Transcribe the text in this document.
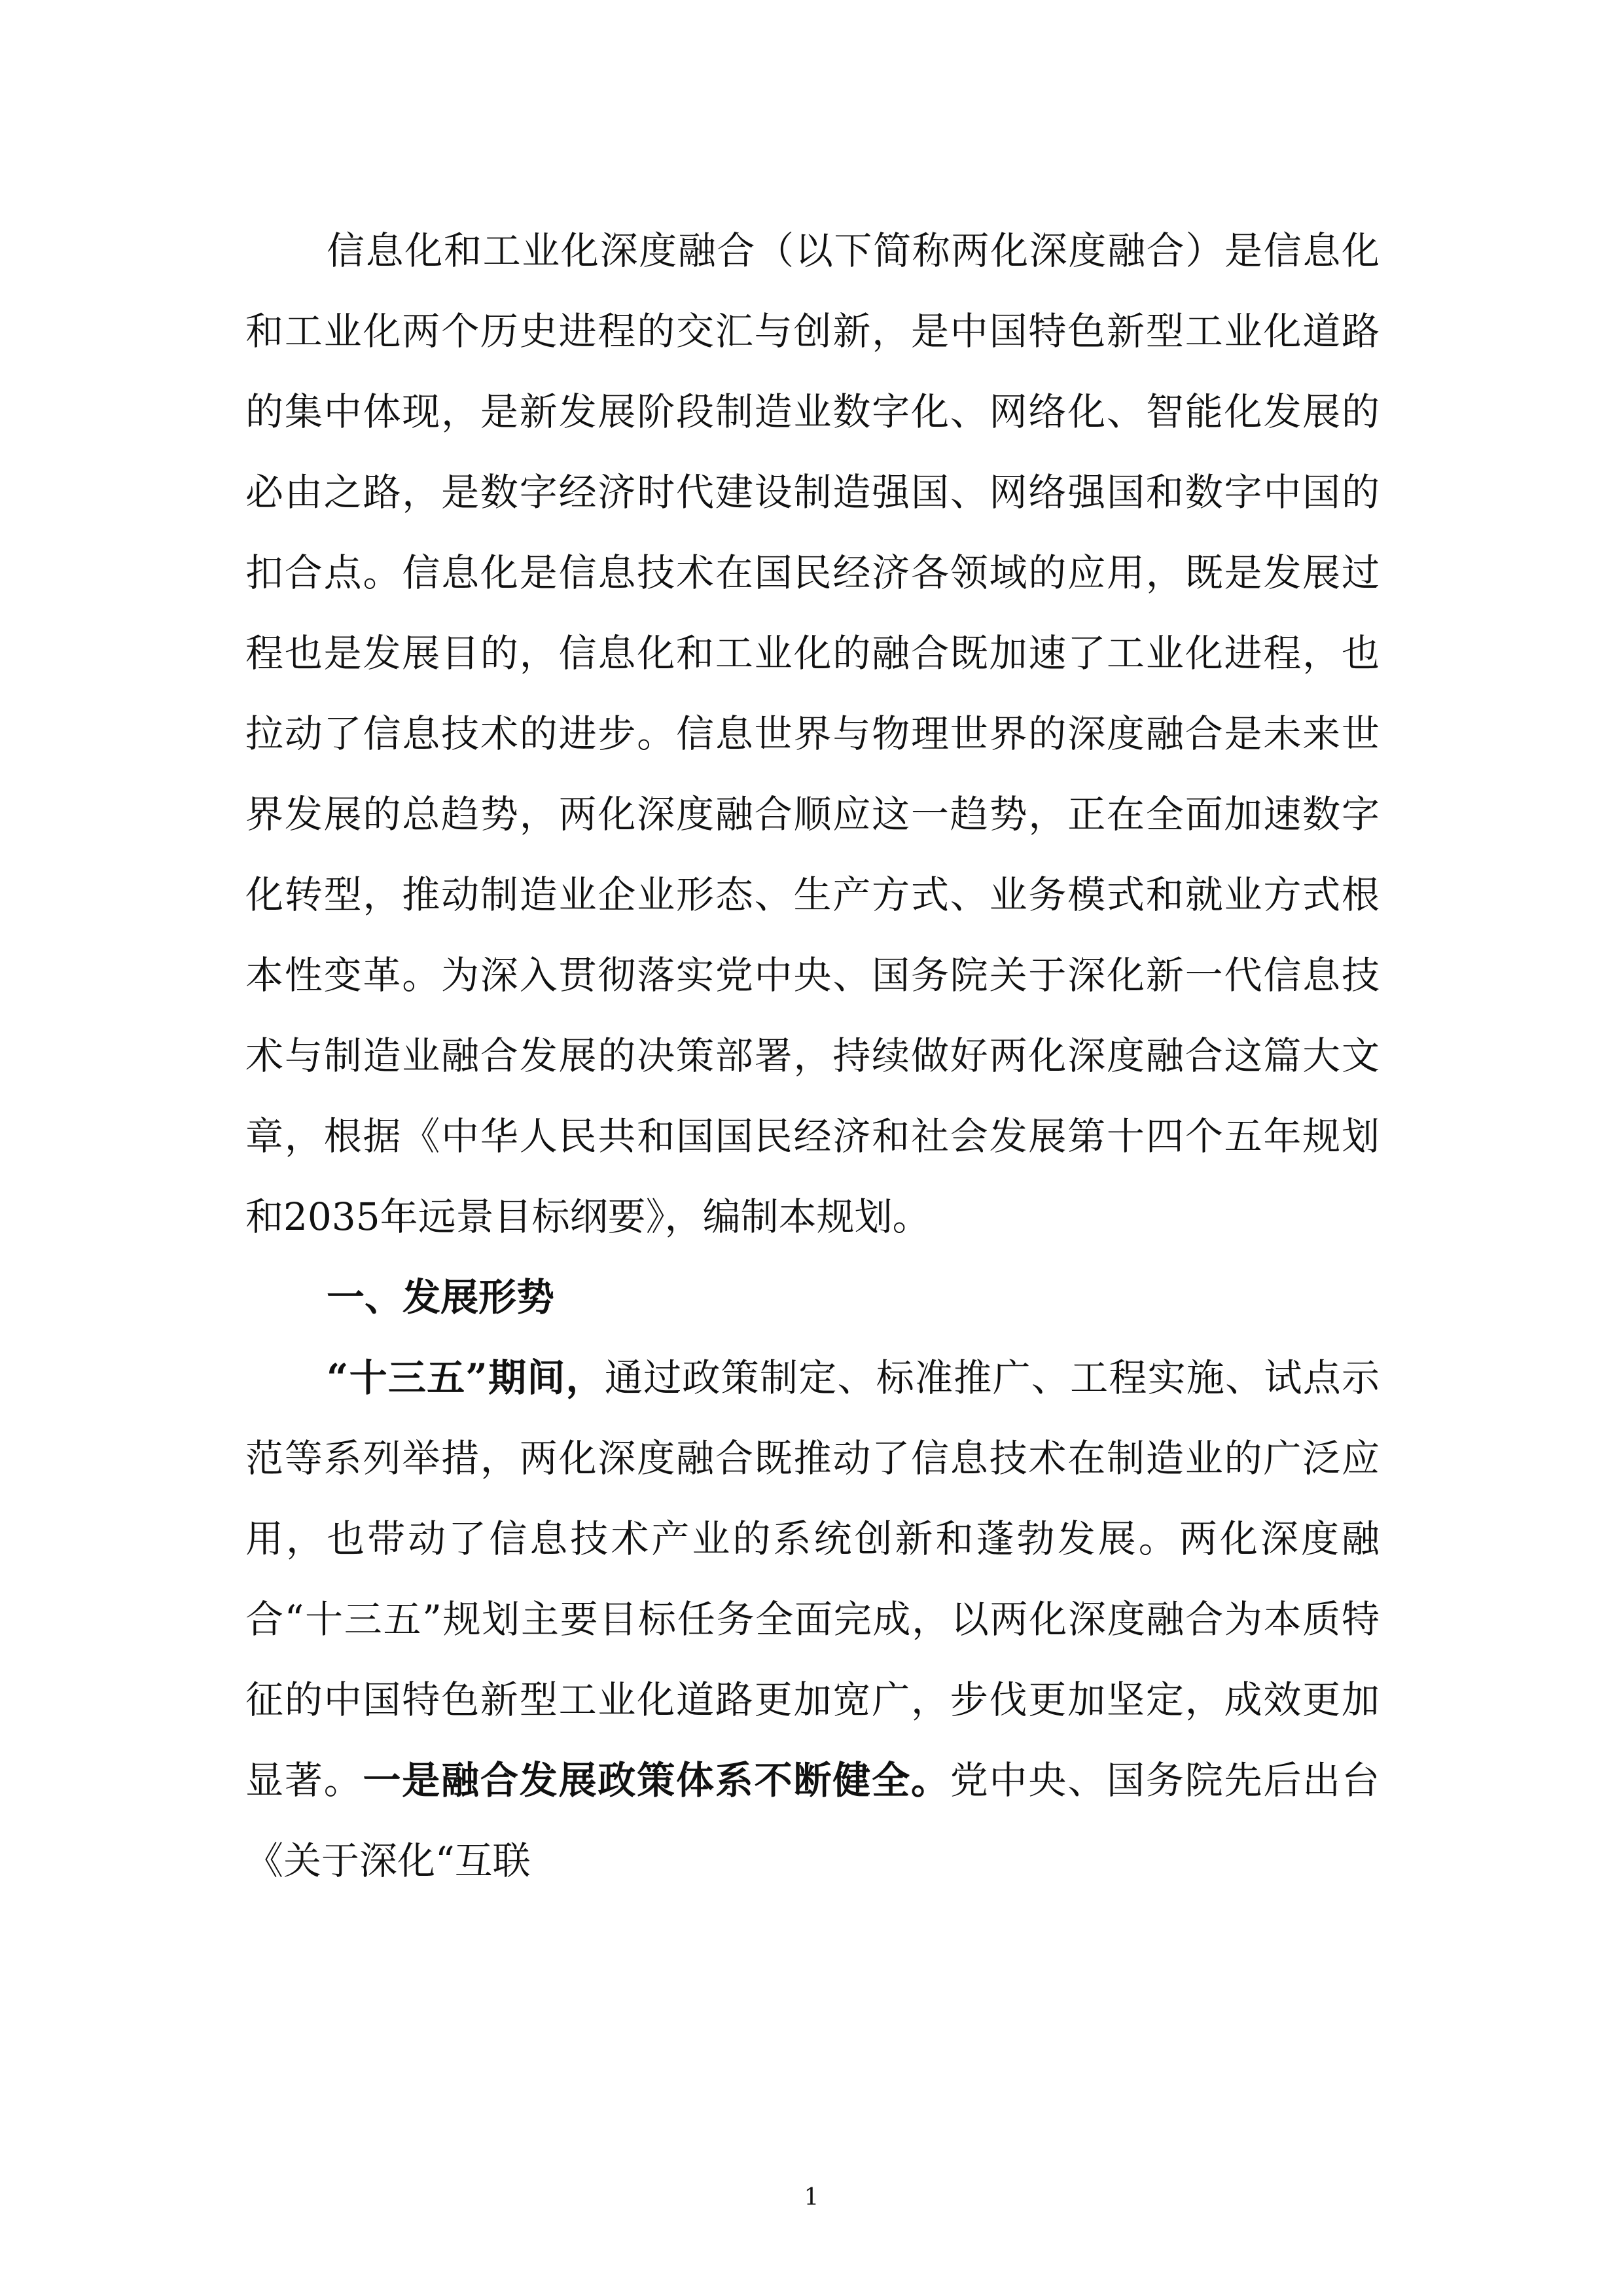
信息化和工业化深度融合（以下简称两化深度融合）是信息化和工业化两个历史进程的交汇与创新，是中国特色新型工业化道路的集中体现，是新发展阶段制造业数字化、网络化、智能化发展的必由之路，是数字经济时代建设制造强国、网络强国和数字中国的扣合点。信息化是信息技术在国民经济各领域的应用，既是发展过程也是发展目的，信息化和工业化的融合既加速了工业化进程，也拉动了信息技术的进步。信息世界与物理世界的深度融合是未来世界发展的总趋势，两化深度融合顺应这一趋势，正在全面加速数字化转型，推动制造业企业形态、生产方式、业务模式和就业方式根本性变革。为深入贯彻落实党中央、国务院关于深化新一代信息技术与制造业融合发展的决策部署，持续做好两化深度融合这篇大文章，根据《中华人民共和国国民经济和社会发展第十四个五年规划和2035年远景目标纲要》，编制本规划。

一、发展形势

“十三五”期间，通过政策制定、标准推广、工程实施、试点示范等系列举措，两化深度融合既推动了信息技术在制造业的广泛应用，也带动了信息技术产业的系统创新和蓬勃发展。两化深度融合“十三五”规划主要目标任务全面完成，以两化深度融合为本质特征的中国特色新型工业化道路更加宽广，步伐更加坚定，成效更加显著。一是融合发展政策体系不断健全。党中央、国务院先后出台《关于深化“互联

1
